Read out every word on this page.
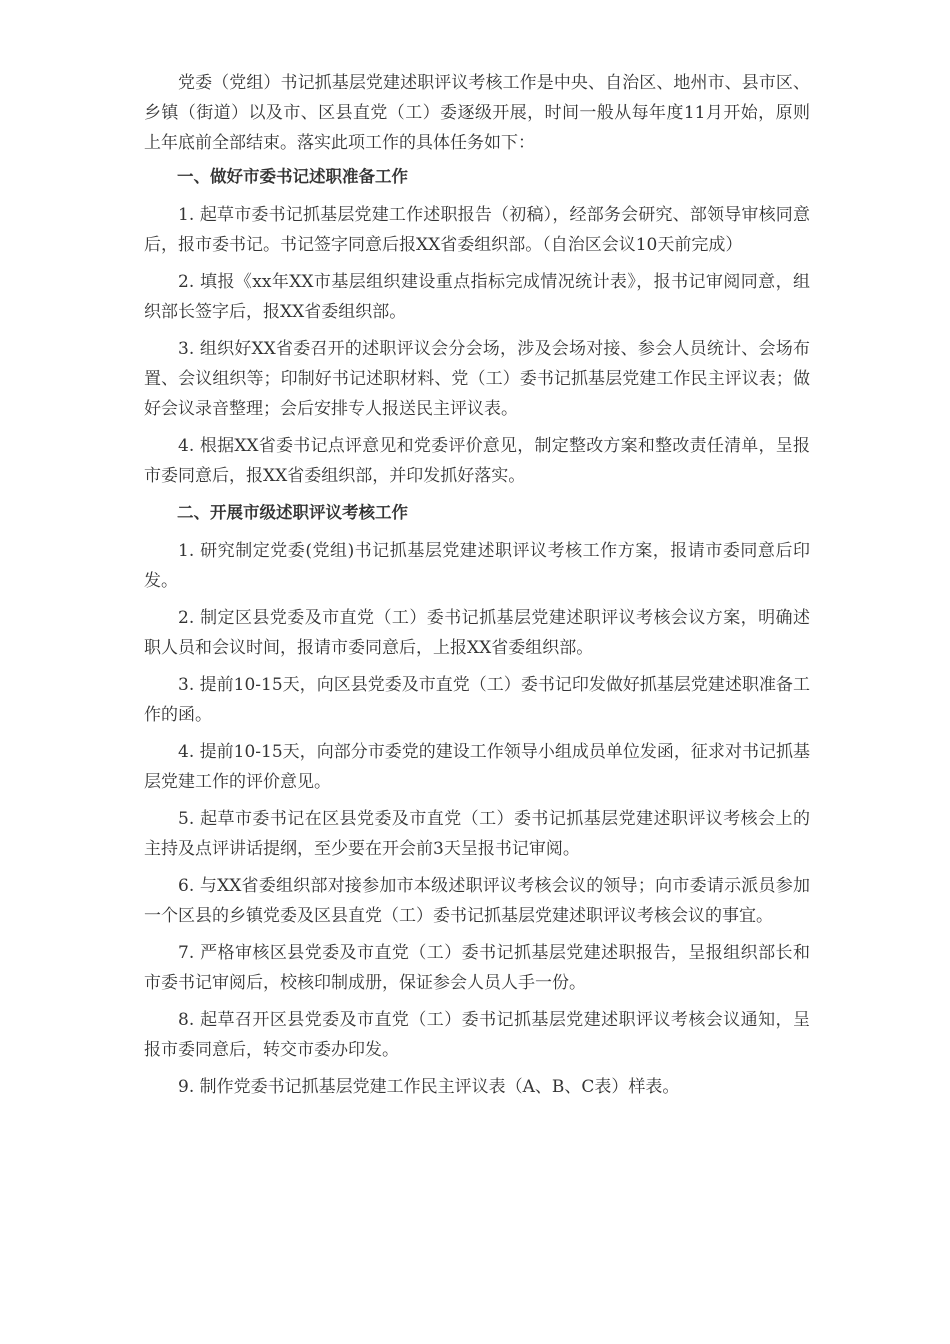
党委（党组）书记抓基层党建述职评议考核工作是中央、自治区、地州市、县市区、乡镇（街道）以及市、区县直党（工）委逐级开展，时间一般从每年度11月开始，原则上年底前全部结束。落实此项工作的具体任务如下：

一、做好市委书记述职准备工作

1. 起草市委书记抓基层党建工作述职报告（初稿），经部务会研究、部领导审核同意后，报市委书记。书记签字同意后报XX省委组织部。（自治区会议10天前完成）

2. 填报《xx年XX市基层组织建设重点指标完成情况统计表》，报书记审阅同意，组织部长签字后，报XX省委组织部。

3. 组织好XX省委召开的述职评议会分会场，涉及会场对接、参会人员统计、会场布置、会议组织等；印制好书记述职材料、党（工）委书记抓基层党建工作民主评议表；做好会议录音整理；会后安排专人报送民主评议表。

4. 根据XX省委书记点评意见和党委评价意见，制定整改方案和整改责任清单，呈报市委同意后，报XX省委组织部，并印发抓好落实。

二、开展市级述职评议考核工作

1. 研究制定党委(党组)书记抓基层党建述职评议考核工作方案，报请市委同意后印发。

2. 制定区县党委及市直党（工）委书记抓基层党建述职评议考核会议方案，明确述职人员和会议时间，报请市委同意后，上报XX省委组织部。

3. 提前10-15天，向区县党委及市直党（工）委书记印发做好抓基层党建述职准备工作的函。

4. 提前10-15天，向部分市委党的建设工作领导小组成员单位发函，征求对书记抓基层党建工作的评价意见。

5. 起草市委书记在区县党委及市直党（工）委书记抓基层党建述职评议考核会上的主持及点评讲话提纲，至少要在开会前3天呈报书记审阅。

6. 与XX省委组织部对接参加市本级述职评议考核会议的领导；向市委请示派员参加一个区县的乡镇党委及区县直党（工）委书记抓基层党建述职评议考核会议的事宜。

7. 严格审核区县党委及市直党（工）委书记抓基层党建述职报告，呈报组织部长和市委书记审阅后，校核印制成册，保证参会人员人手一份。

8. 起草召开区县党委及市直党（工）委书记抓基层党建述职评议考核会议通知，呈报市委同意后，转交市委办印发。

9. 制作党委书记抓基层党建工作民主评议表（A、B、C表）样表。
